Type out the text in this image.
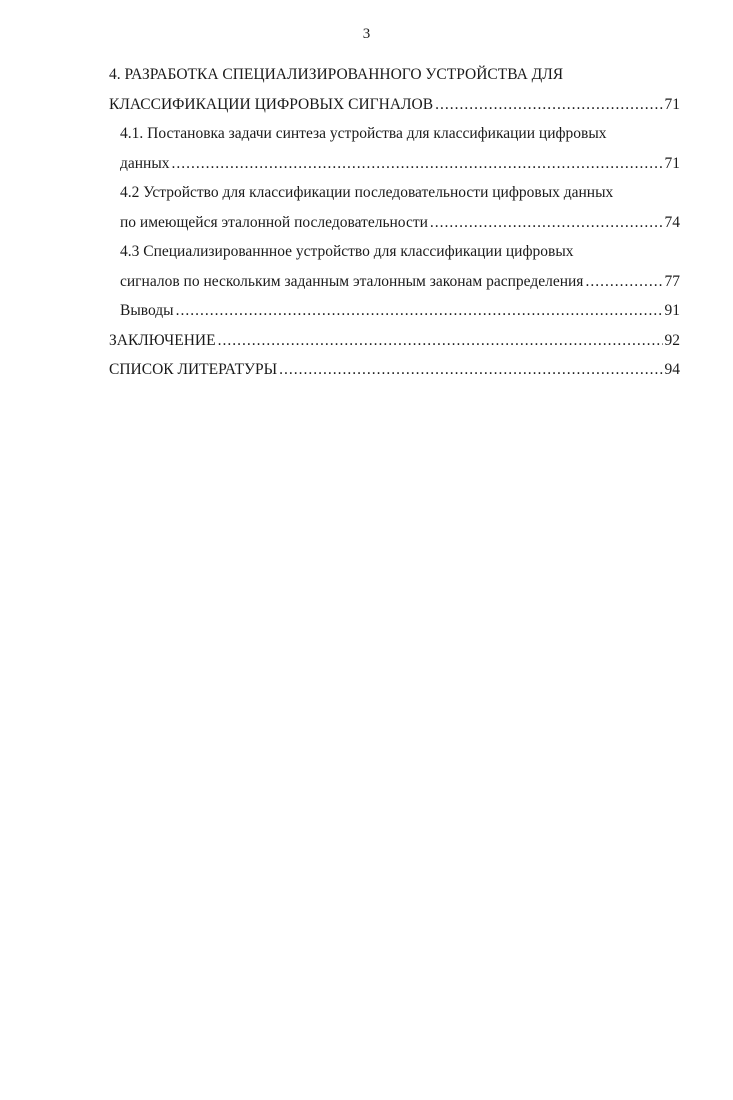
3
4. РАЗРАБОТКА СПЕЦИАЛИЗИРОВАННОГО УСТРОЙСТВА ДЛЯ
КЛАССИФИКАЦИИ ЦИФРОВЫХ СИГНАЛОВ .....	71
4.1. Постановка задачи синтеза устройства для классификации цифровых
данных .....	71
4.2 Устройство для классификации последовательности цифровых данных
по имеющейся эталонной последовательности .....	74
4.3 Специализированнное устройство для классификации цифровых
сигналов по нескольким заданным эталонным законам распределения .....	77
Выводы .....	91
ЗАКЛЮЧЕНИЕ .....	92
СПИСОК ЛИТЕРАТУРЫ .....	94
